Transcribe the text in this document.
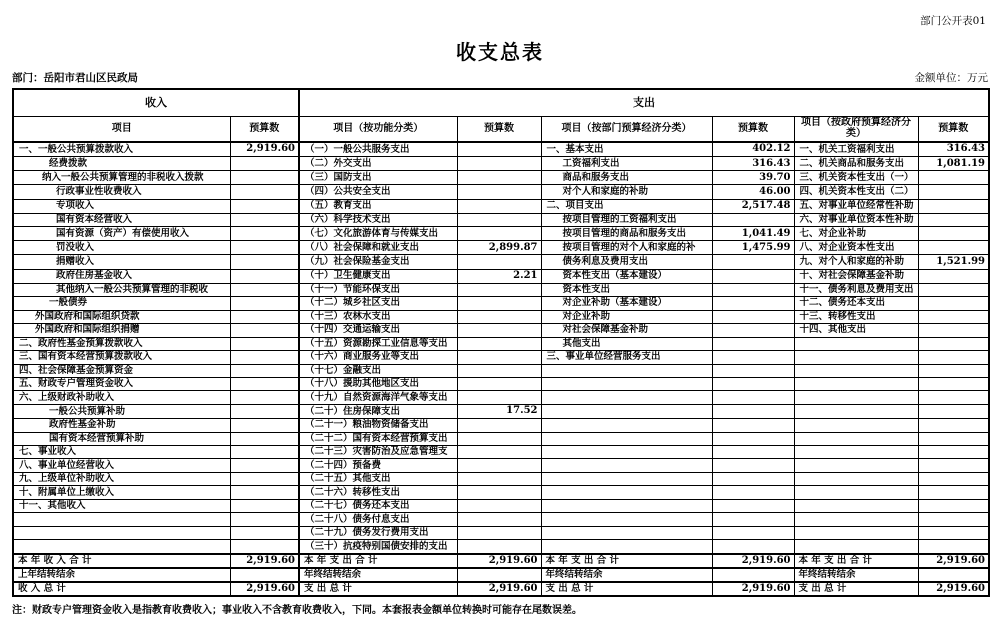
部门公开表01
收支总表
部门：岳阳市君山区民政局	金额单位：万元
收入		支出					
项目	预算数	项目（按功能分类）	预算数	项目（按部门预算经济分类）	预算数	项目（按政府预算经济分类）	预算数
一、一般公共预算拨款收入	2,919.60	（一）一般公共服务支出		一、基本支出	402.12	一、机关工资福利支出	316.43
经费拨款		（二）外交支出		工资福利支出	316.43	二、机关商品和服务支出	1,081.19
纳入一般公共预算管理的非税收入拨款		（三）国防支出		商品和服务支出	39.70	三、机关资本性支出（一）	
行政事业性收费收入		（四）公共安全支出		对个人和家庭的补助	46.00	四、机关资本性支出（二）	
专项收入		（五）教育支出		二、项目支出	2,517.48	五、对事业单位经常性补助	
国有资本经营收入		（六）科学技术支出		按项目管理的工资福利支出		六、对事业单位资本性补助	
国有资源（资产）有偿使用收入		（七）文化旅游体育与传媒支出		按项目管理的商品和服务支出	1,041.49	七、对企业补助	
罚没收入		（八）社会保障和就业支出	2,899.87	按项目管理的对个人和家庭的补	1,475.99	八、对企业资本性支出	
捐赠收入		（九）社会保险基金支出		债务利息及费用支出		九、对个人和家庭的补助	1,521.99
政府住房基金收入		（十）卫生健康支出	2.21	资本性支出（基本建设）		十、对社会保障基金补助	
其他纳入一般公共预算管理的非税收		（十一）节能环保支出		资本性支出		十一、债务利息及费用支出	
一般债券		（十二）城乡社区支出		对企业补助（基本建设）		十二、债务还本支出	
外国政府和国际组织贷款		（十三）农林水支出		对企业补助		十三、转移性支出	
外国政府和国际组织捐赠		（十四）交通运输支出		对社会保障基金补助		十四、其他支出	
二、政府性基金预算拨款收入		（十五）资源勘探工业信息等支出		其他支出			
三、国有资本经营预算拨款收入		（十六）商业服务业等支出		三、事业单位经营服务支出			
四、社会保障基金预算资金		（十七）金融支出					
五、财政专户管理资金收入		（十八）援助其他地区支出					
六、上级财政补助收入		（十九）自然资源海洋气象等支出					
一般公共预算补助		（二十）住房保障支出	17.52				
政府性基金补助		（二十一）粮油物资储备支出					
国有资本经营预算补助		（二十二）国有资本经营预算支出					
七、事业收入		（二十三）灾害防治及应急管理支					
八、事业单位经营收入		（二十四）预备费					
九、上级单位补助收入		（二十五）其他支出					
十、附属单位上缴收入		（二十六）转移性支出					
十一、其他收入		（二十七）债务还本支出					
		（二十八）债务付息支出					
		（二十九）债务发行费用支出					
		（三十）抗疫特别国债安排的支出					
本 年 收 入 合 计	2,919.60	本 年 支 出 合 计	2,919.60	本 年 支 出 合 计	2,919.60	本 年 支 出 合 计	2,919.60
上年结转结余		年终结转结余		年终结转结余		年终结转结余	
收 入 总 计	2,919.60	支 出 总 计	2,919.60	支 出 总 计	2,919.60	支 出 总 计	2,919.60
注：财政专户管理资金收入是指教育收费收入；事业收入不含教育收费收入，下同。本套报表金额单位转换时可能存在尾数误差。
